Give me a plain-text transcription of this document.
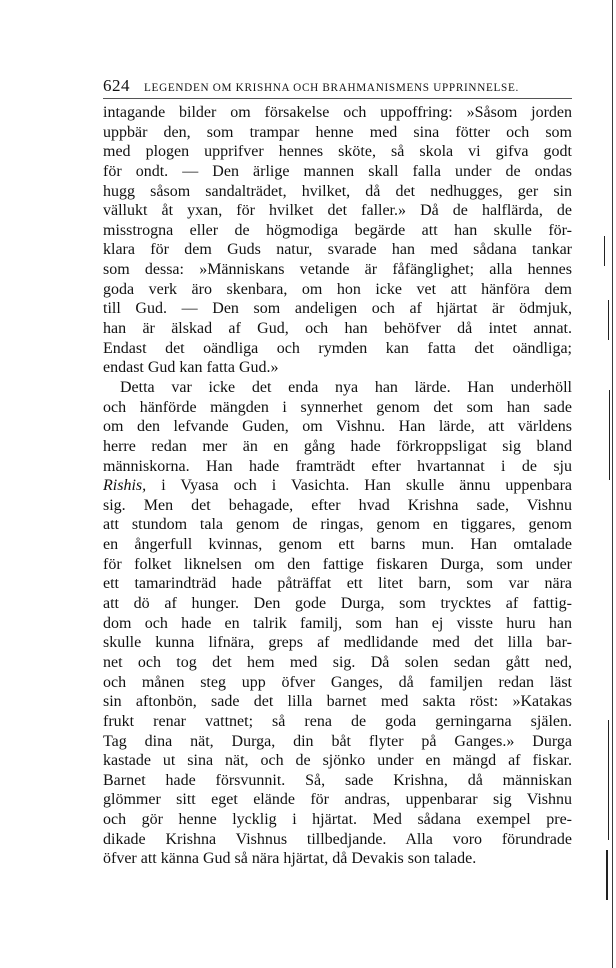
624 LEGENDEN OM KRISHNA OCH BRAHMANISMENS UPPRINNELSE.
intagande bilder om försakelse och uppoffring: »Såsom jorden
uppbär den, som trampar henne med sina fötter och som
med plogen upprifver hennes sköte, så skola vi gifva godt
för ondt. — Den ärlige mannen skall falla under de ondas
hugg såsom sandalträdet, hvilket, då det nedhugges, ger sin
vällukt åt yxan, för hvilket det faller.» Då de halflärda, de
misstrogna eller de högmodiga begärde att han skulle för-
klara för dem Guds natur, svarade han med sådana tankar
som dessa: »Människans vetande är fåfänglighet; alla hennes
goda verk äro skenbara, om hon icke vet att hänföra dem
till Gud. — Den som andeligen och af hjärtat är ödmjuk,
han är älskad af Gud, och han behöfver då intet annat.
Endast det oändliga och rymden kan fatta det oändliga;
endast Gud kan fatta Gud.»
Detta var icke det enda nya han lärde. Han underhöll
och hänförde mängden i synnerhet genom det som han sade
om den lefvande Guden, om Vishnu. Han lärde, att världens
herre redan mer än en gång hade förkroppsligat sig bland
människorna. Han hade framträdt efter hvartannat i de sju
Rishis, i Vyasa och i Vasichta. Han skulle ännu uppenbara
sig. Men det behagade, efter hvad Krishna sade, Vishnu
att stundom tala genom de ringas, genom en tiggares, genom
en ångerfull kvinnas, genom ett barns mun. Han omtalade
för folket liknelsen om den fattige fiskaren Durga, som under
ett tamarindträd hade påträffat ett litet barn, som var nära
att dö af hunger. Den gode Durga, som trycktes af fattig-
dom och hade en talrik familj, som han ej visste huru han
skulle kunna lifnära, greps af medlidande med det lilla bar-
net och tog det hem med sig. Då solen sedan gått ned,
och månen steg upp öfver Ganges, då familjen redan läst
sin aftonbön, sade det lilla barnet med sakta röst: »Katakas
frukt renar vattnet; så rena de goda gerningarna själen.
Tag dina nät, Durga, din båt flyter på Ganges.» Durga
kastade ut sina nät, och de sjönko under en mängd af fiskar.
Barnet hade försvunnit. Så, sade Krishna, då människan
glömmer sitt eget elände för andras, uppenbarar sig Vishnu
och gör henne lycklig i hjärtat. Med sådana exempel pre-
dikade Krishna Vishnus tillbedjande. Alla voro förundrade
öfver att känna Gud så nära hjärtat, då Devakis son talade.
